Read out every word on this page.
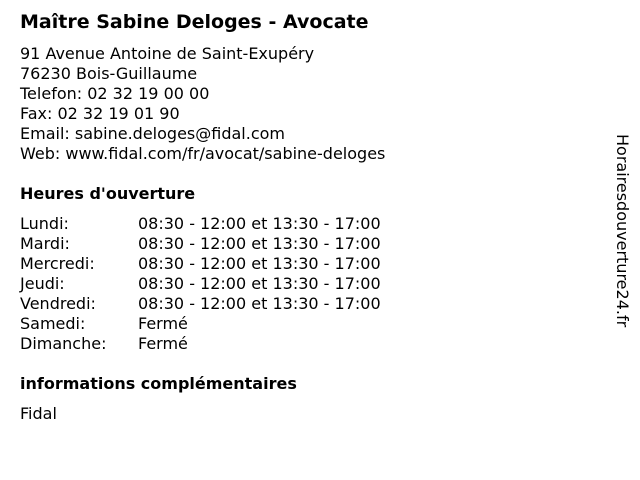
Maître Sabine Deloges - Avocate
91 Avenue Antoine de Saint-Exupéry
76230 Bois-Guillaume
Telefon: 02 32 19 00 00
Fax: 02 32 19 01 90
Email: sabine.deloges@fidal.com
Web: www.fidal.com/fr/avocat/sabine-deloges
Heures d'ouverture
Lundi:	08:30 - 12:00 et 13:30 - 17:00
Mardi:	08:30 - 12:00 et 13:30 - 17:00
Mercredi:	08:30 - 12:00 et 13:30 - 17:00
Jeudi:	08:30 - 12:00 et 13:30 - 17:00
Vendredi:	08:30 - 12:00 et 13:30 - 17:00
Samedi:	Fermé
Dimanche:	Fermé
informations complémentaires
Fidal
Horairesdouverture24.fr
